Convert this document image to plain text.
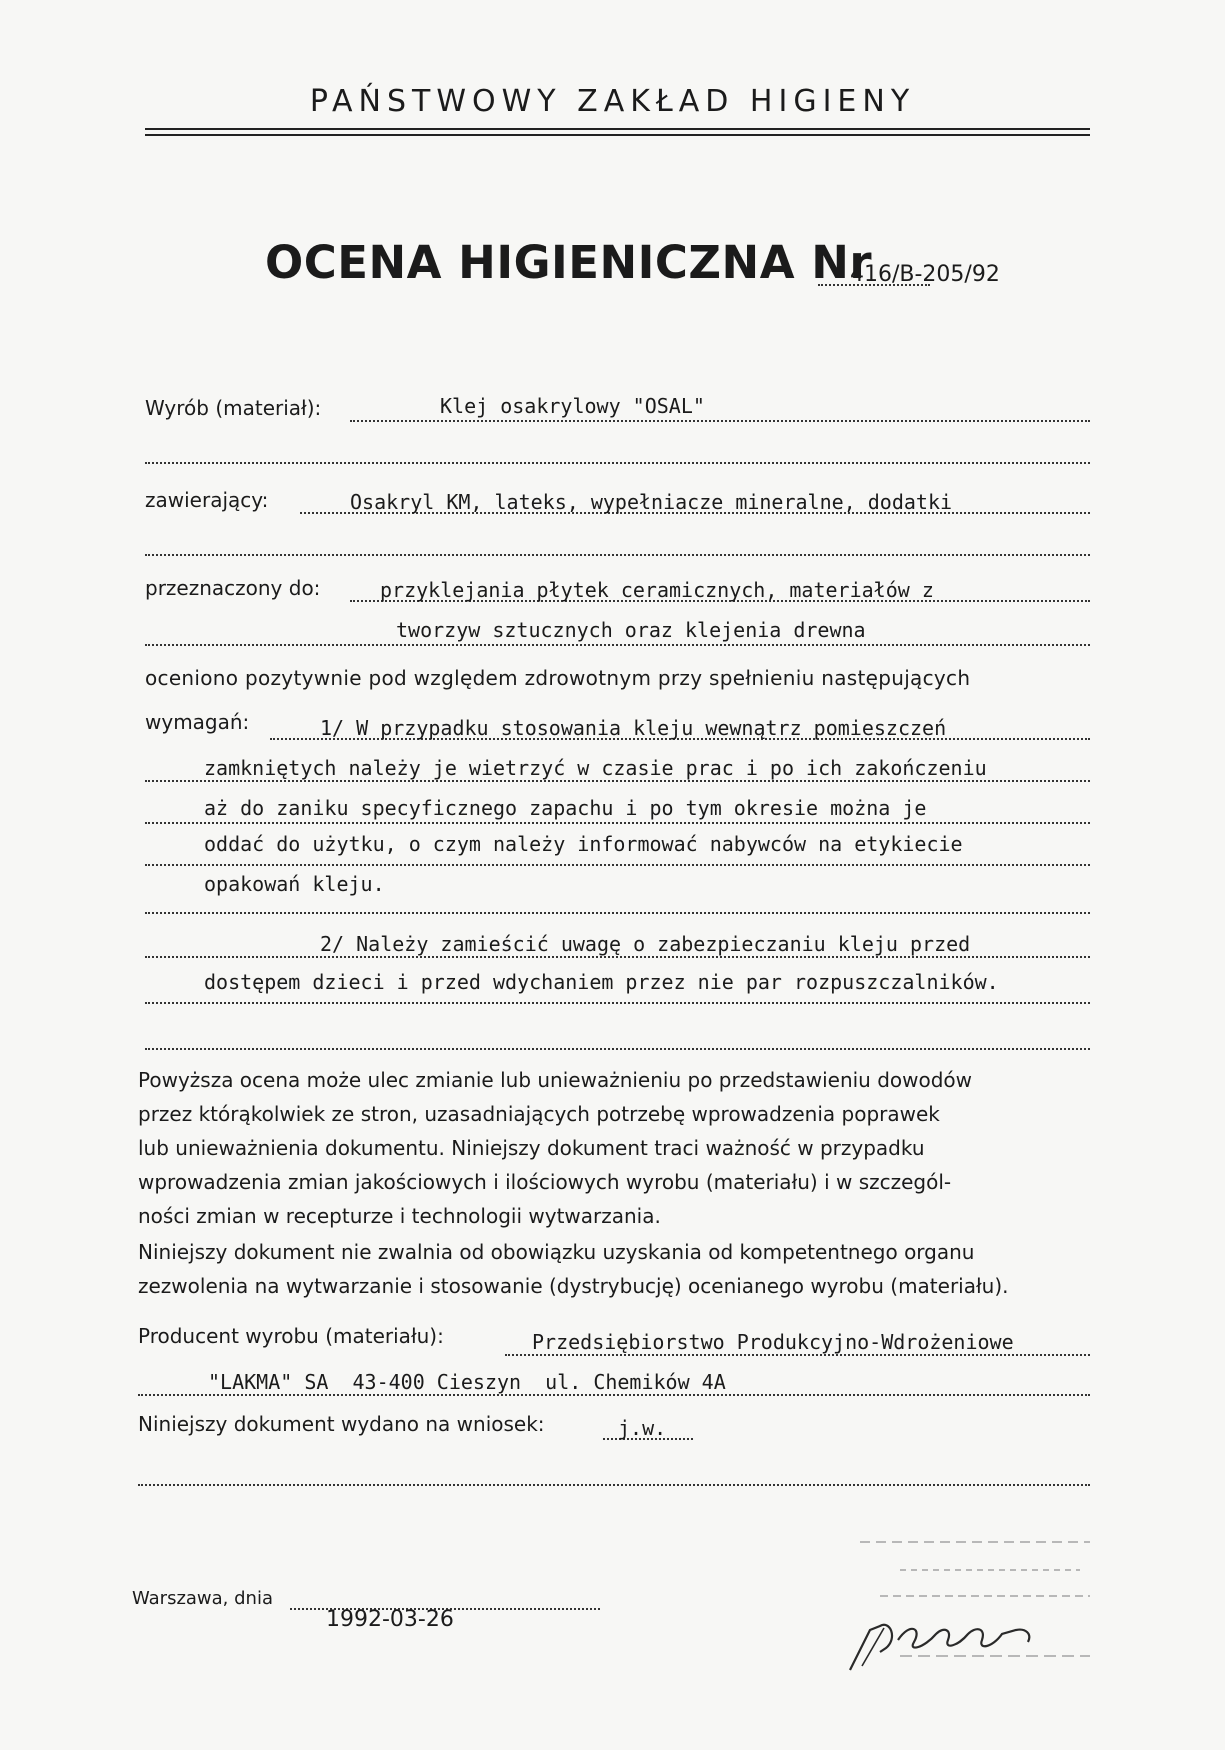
PAŃSTWOWY ZAKŁAD HIGIENY
OCENA HIGIENICZNA Nr
416/B-205/92
Wyrób (materiał):	Klej osakrylowy "OSAL"
zawierający:	Osakryl KM, lateks, wypełniacze mineralne, dodatki
przeznaczony do:	przyklejania płytek ceramicznych, materiałów z
tworzyw sztucznych oraz klejenia drewna
oceniono pozytywnie pod względem zdrowotnym przy spełnieniu następujących
wymagań:	1/ W przypadku stosowania kleju wewnątrz pomieszczeń
zamkniętych należy je wietrzyć w czasie prac i po ich zakończeniu
aż do zaniku specyficznego zapachu i po tym okresie można je
oddać do użytku, o czym należy informować nabywców na etykiecie
opakowań kleju.
2/ Należy zamieścić uwagę o zabezpieczaniu kleju przed
dostępem dzieci i przed wdychaniem przez nie par rozpuszczalników.
Powyższa ocena może ulec zmianie lub unieważnieniu po przedstawieniu dowodów
przez którąkolwiek ze stron, uzasadniających potrzebę wprowadzenia poprawek
lub unieważnienia dokumentu. Niniejszy dokument traci ważność w przypadku
wprowadzenia zmian jakościowych i ilościowych wyrobu (materiału) i w szczegól-
ności zmian w recepturze i technologii wytwarzania.
Niniejszy dokument nie zwalnia od obowiązku uzyskania od kompetentnego organu
zezwolenia na wytwarzanie i stosowanie (dystrybucję) ocenianego wyrobu (materiału).
Producent wyrobu (materiału):	Przedsiębiorstwo Produkcyjno-Wdrożeniowe
"LAKMA" SA  43-400 Cieszyn  ul. Chemików 4A
Niniejszy dokument wydano na wniosek:	j.w.
Warszawa, dnia
1992-03-26
